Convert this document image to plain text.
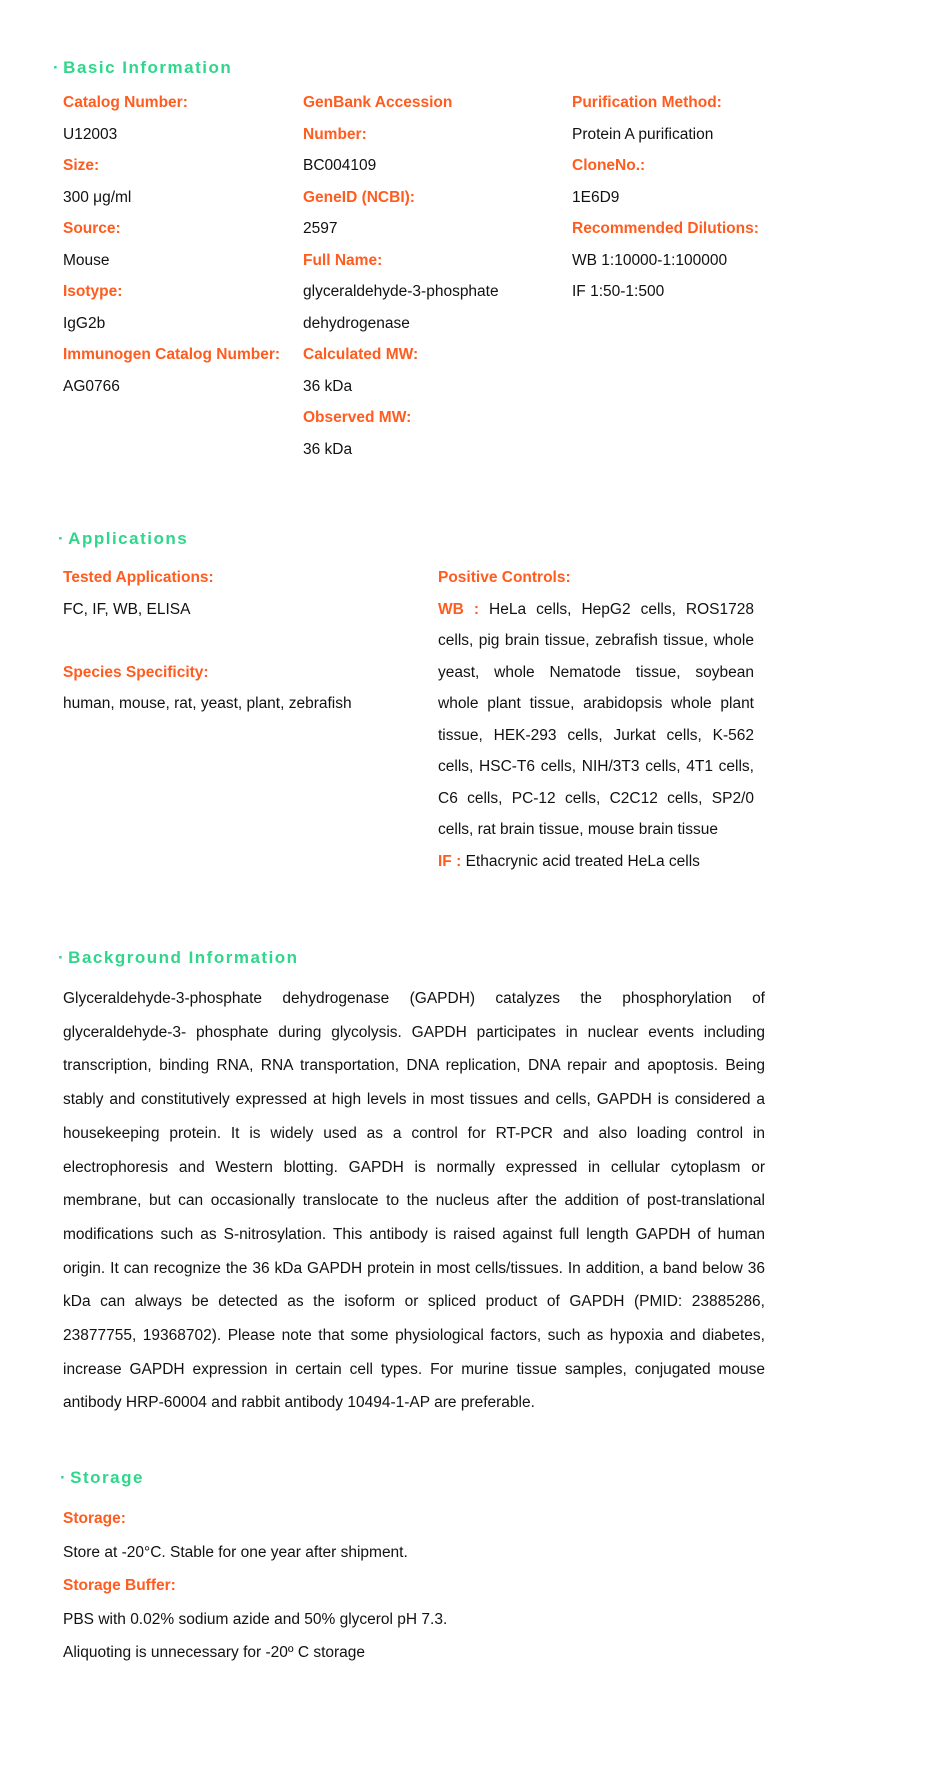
· Basic Information
Catalog Number:
U12003
Size:
300 μg/ml
Source:
Mouse
Isotype:
IgG2b
Immunogen Catalog Number:
AG0766
GenBank Accession
Number:
BC004109
GeneID (NCBI):
2597
Full Name:
glyceraldehyde-3-phosphate
dehydrogenase
Calculated MW:
36 kDa
Observed MW:
36 kDa
Purification Method:
Protein A purification
CloneNo.:
1E6D9
Recommended Dilutions:
WB 1:10000-1:100000
IF 1:50-1:500
· Applications
Tested Applications:
FC, IF, WB, ELISA
Species Specificity:
human, mouse, rat, yeast, plant, zebrafish
Positive Controls:
WB : HeLa cells, HepG2 cells, ROS1728 cells, pig brain tissue, zebrafish tissue, whole yeast, whole Nematode tissue, soybean whole plant tissue, arabidopsis whole plant tissue, HEK-293 cells, Jurkat cells, K-562 cells, HSC-T6 cells, NIH/3T3 cells, 4T1 cells, C6 cells, PC-12 cells, C2C12 cells, SP2/0 cells, rat brain tissue, mouse brain tissue
IF : Ethacrynic acid treated HeLa cells
· Background Information
Glyceraldehyde-3-phosphate dehydrogenase (GAPDH) catalyzes the phosphorylation of glyceraldehyde-3- phosphate during glycolysis. GAPDH participates in nuclear events including transcription, binding RNA, RNA transportation, DNA replication, DNA repair and apoptosis. Being stably and constitutively expressed at high levels in most tissues and cells, GAPDH is considered a housekeeping protein. It is widely used as a control for RT-PCR and also loading control in electrophoresis and Western blotting. GAPDH is normally expressed in cellular cytoplasm or membrane, but can occasionally translocate to the nucleus after the addition of post-translational modifications such as S-nitrosylation. This antibody is raised against full length GAPDH of human origin. It can recognize the 36 kDa GAPDH protein in most cells/tissues. In addition, a band below 36 kDa can always be detected as the isoform or spliced product of GAPDH (PMID: 23885286, 23877755, 19368702). Please note that some physiological factors, such as hypoxia and diabetes, increase GAPDH expression in certain cell types. For murine tissue samples, conjugated mouse antibody HRP-60004 and rabbit antibody 10494-1-AP are preferable.
· Storage
Storage:
Store at -20°C. Stable for one year after shipment.
Storage Buffer:
PBS with 0.02% sodium azide and 50% glycerol pH 7.3.
Aliquoting is unnecessary for -20º C storage
